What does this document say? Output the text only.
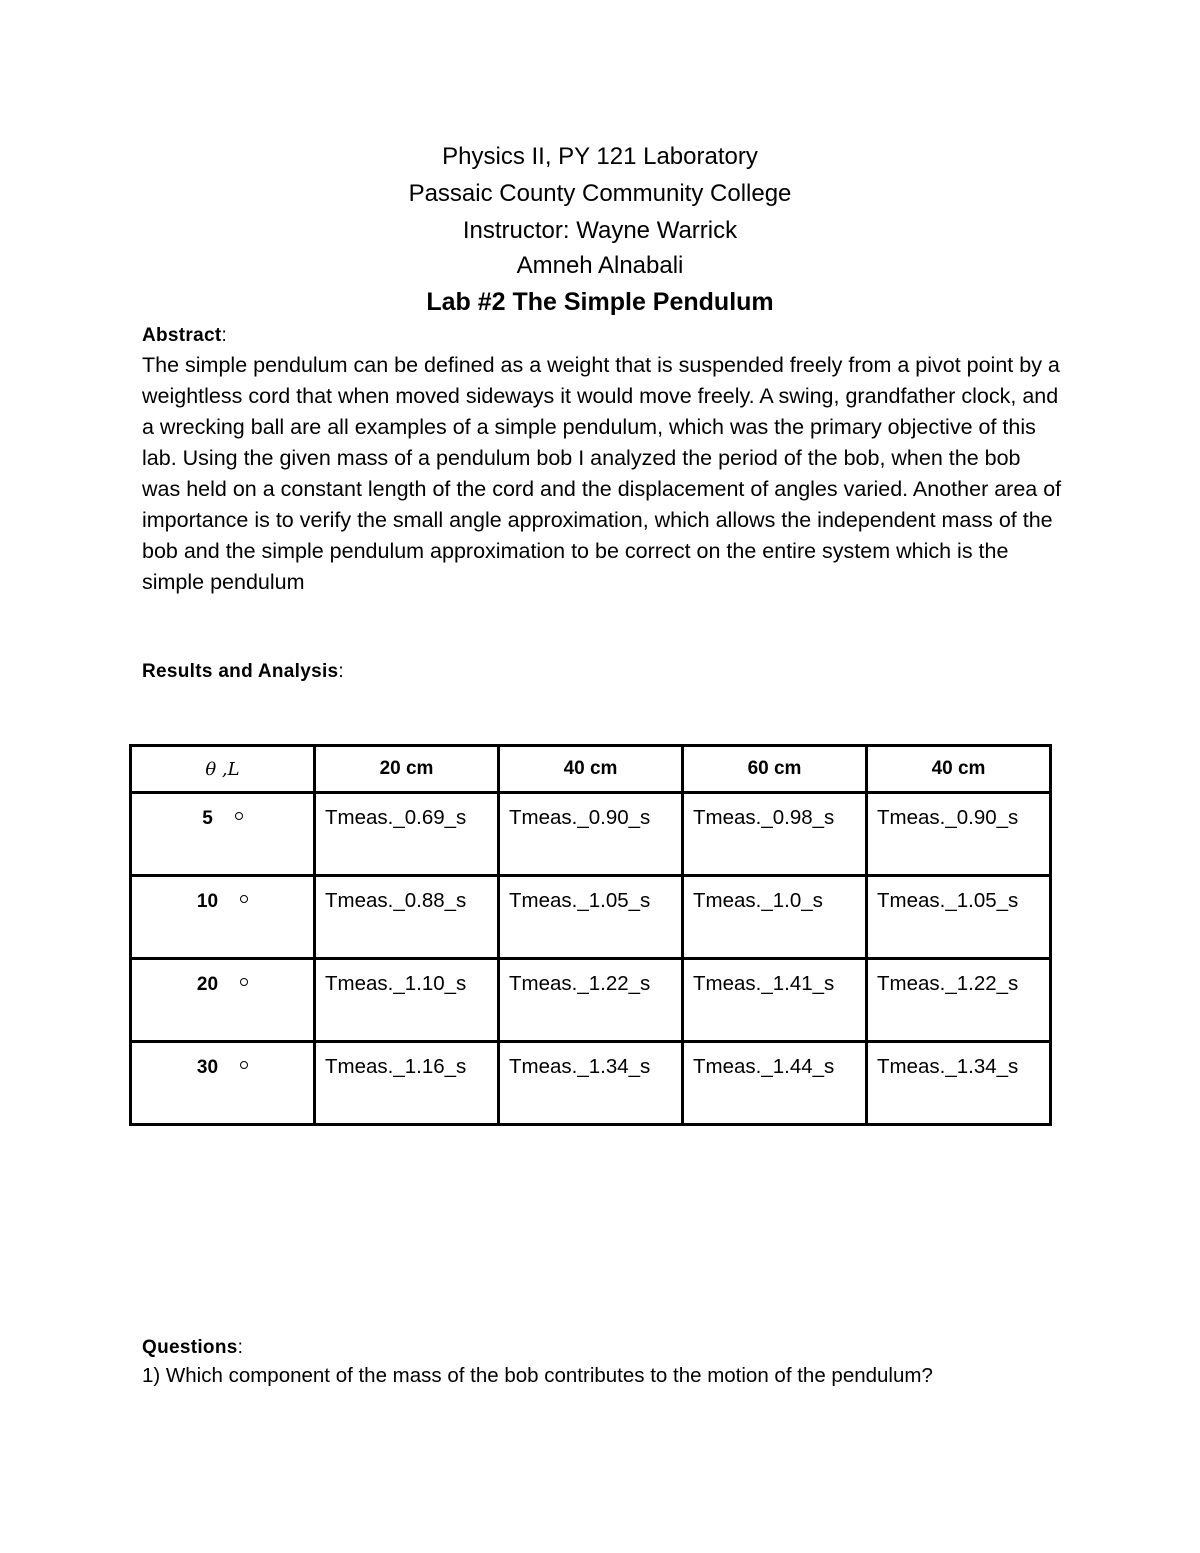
Physics II, PY 121 Laboratory
Passaic County Community College
Instructor: Wayne Warrick
Amneh Alnabali
Lab #2 The Simple Pendulum
Abstract:

The simple pendulum can be defined as a weight that is suspended freely from a pivot point by a weightless cord that when moved sideways it would move freely. A swing, grandfather clock, and a wrecking ball are all examples of a simple pendulum, which was the primary objective of this lab. Using the given mass of a pendulum bob I analyzed the period of the bob, when the bob was held on a constant length of the cord and the displacement of angles varied. Another area of importance is to verify the small angle approximation, which allows the independent mass of the bob and the simple pendulum approximation to be correct on the entire system which is the simple pendulum

Results and Analysis:
θ ,L	20 cm	40 cm	60 cm	40 cm
5	Tmeas._0.69_s	Tmeas._0.90_s	Tmeas._0.98_s	Tmeas._0.90_s
10	Tmeas._0.88_s	Tmeas._1.05_s	Tmeas._1.0_s	Tmeas._1.05_s
20	Tmeas._1.10_s	Tmeas._1.22_s	Tmeas._1.41_s	Tmeas._1.22_s
30	Tmeas._1.16_s	Tmeas._1.34_s	Tmeas._1.44_s	Tmeas._1.34_s
Questions:

1) Which component of the mass of the bob contributes to the motion of the pendulum?
